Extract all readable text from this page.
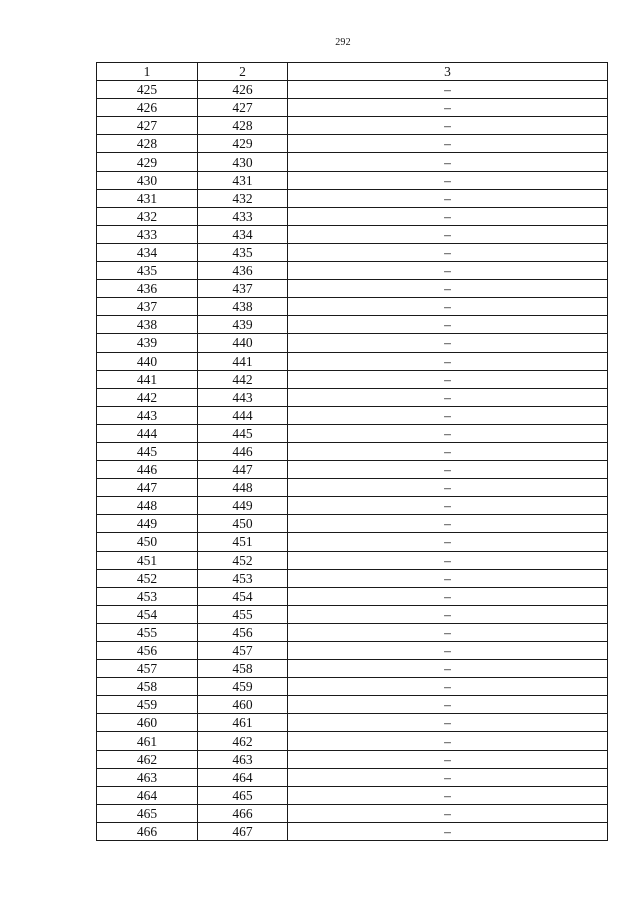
292
1	2	3
425	426	–
426	427	–
427	428	–
428	429	–
429	430	–
430	431	–
431	432	–
432	433	–
433	434	–
434	435	–
435	436	–
436	437	–
437	438	–
438	439	–
439	440	–
440	441	–
441	442	–
442	443	–
443	444	–
444	445	–
445	446	–
446	447	–
447	448	–
448	449	–
449	450	–
450	451	–
451	452	–
452	453	–
453	454	–
454	455	–
455	456	–
456	457	–
457	458	–
458	459	–
459	460	–
460	461	–
461	462	–
462	463	–
463	464	–
464	465	–
465	466	–
466	467	–
